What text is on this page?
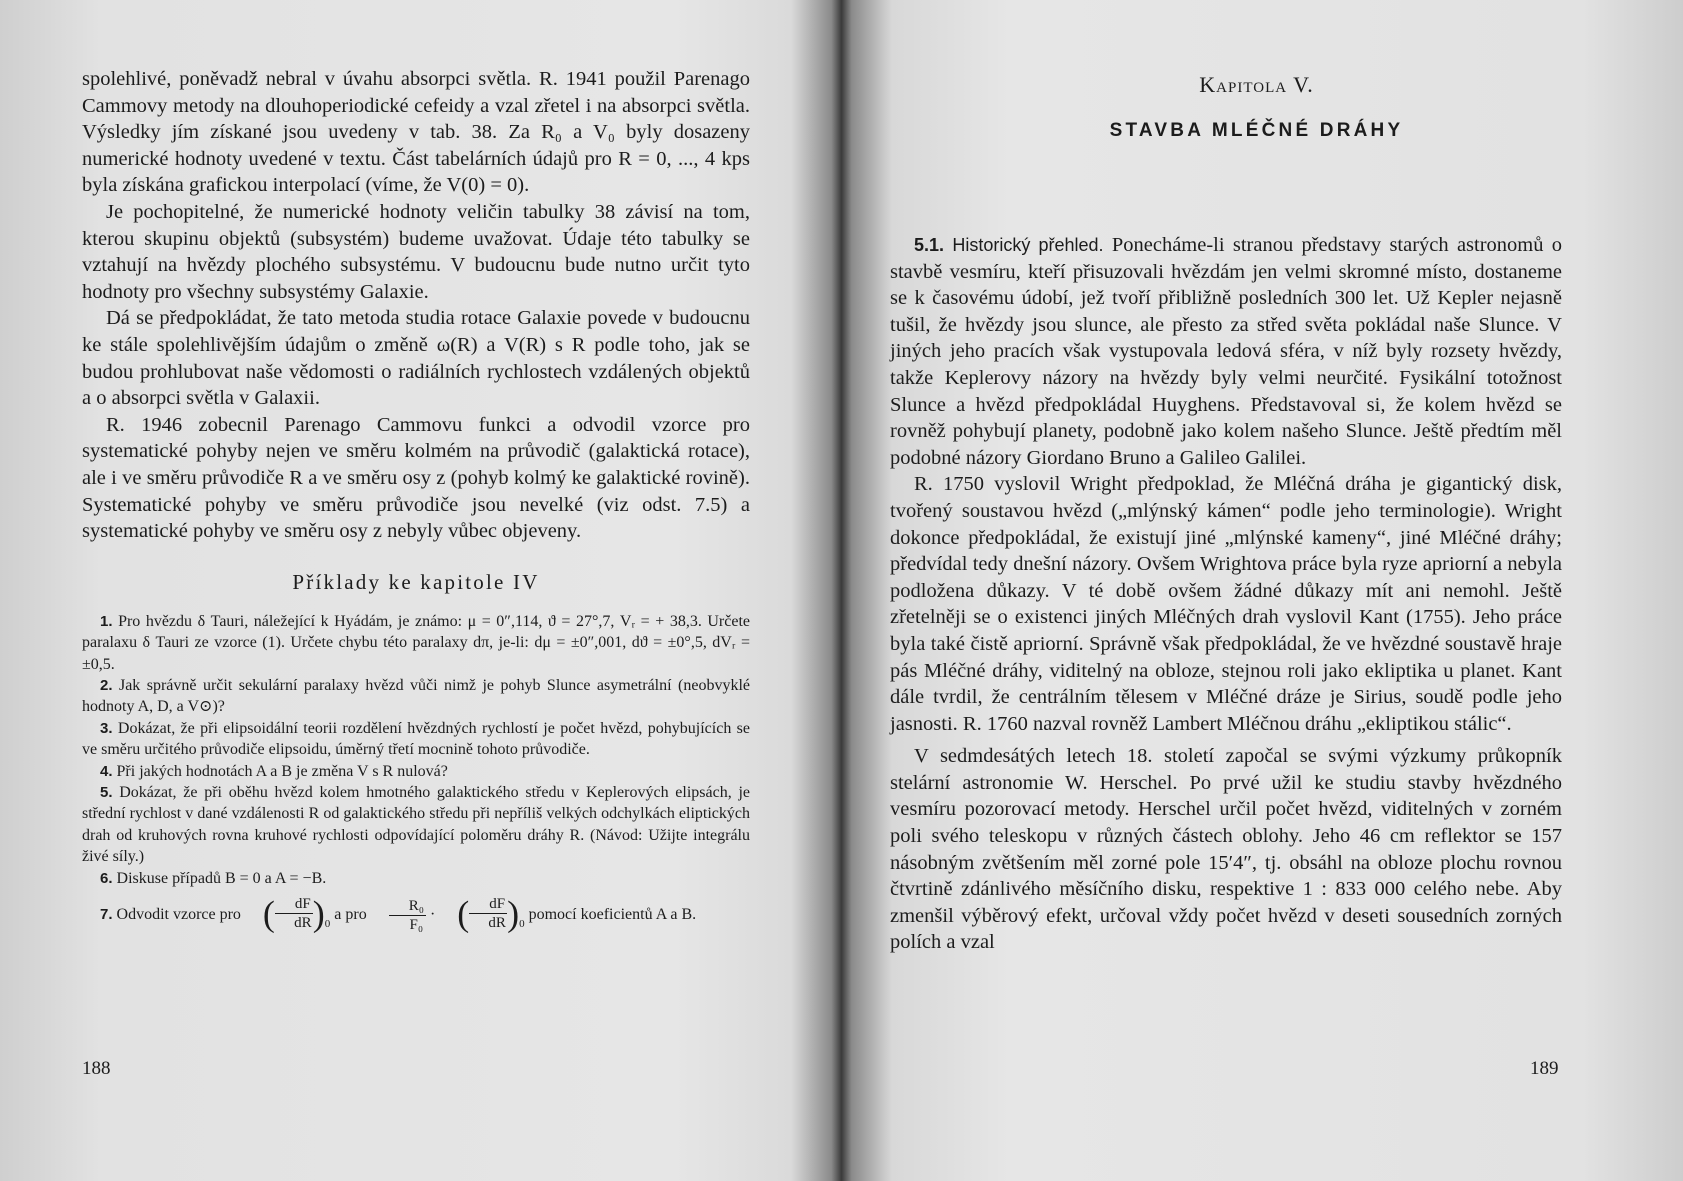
spolehlivé, poněvadž nebral v úvahu absorpci světla. R. 1941 použil Parenago Cammovy metody na dlouhoperiodické cefeidy a vzal zřetel i na absorpci světla. Výsledky jím získané jsou uvedeny v tab. 38. Za R₀ a V₀ byly dosazeny numerické hodnoty uvedené v textu. Část tabelárních údajů pro R = 0, ..., 4 kps byla získána grafickou interpolací (víme, že V(0) = 0).

Je pochopitelné, že numerické hodnoty veličin tabulky 38 závisí na tom, kterou skupinu objektů (subsystém) budeme uvažovat. Údaje této tabulky se vztahují na hvězdy plochého subsystému. V budoucnu bude nutno určit tyto hodnoty pro všechny subsystémy Galaxie.

Dá se předpokládat, že tato metoda studia rotace Galaxie povede v budoucnu ke stále spolehlivějším údajům o změně ω(R) a V(R) s R podle toho, jak se budou prohlubovat naše vědomosti o radiálních rychlostech vzdálených objektů a o absorpci světla v Galaxii.

R. 1946 zobecnil Parenago Cammovu funkci a odvodil vzorce pro systematické pohyby nejen ve směru kolmém na průvodič (galaktická rotace), ale i ve směru průvodiče R a ve směru osy z (pohyb kolmý ke galaktické rovině). Systematické pohyby ve směru průvodiče jsou nevelké (viz odst. 7.5) a systematické pohyby ve směru osy z nebyly vůbec objeveny.

Příklady ke kapitole IV

1. Pro hvězdu δ Tauri, náležející k Hyádám, je známo: μ = 0″,114, ϑ = 27°,7, Vᵣ = + 38,3. Určete paralaxu δ Tauri ze vzorce (1). Určete chybu této paralaxy dπ, je-li: dμ = ±0″,001, dϑ = ±0°,5, dVᵣ = ±0,5.

2. Jak správně určit sekulární paralaxy hvězd vůči nimž je pohyb Slunce asymetrální (neobvyklé hodnoty A, D, a V⊙)?

3. Dokázat, že při elipsoidální teorii rozdělení hvězdných rychlostí je počet hvězd, pohybujících se ve směru určitého průvodiče elipsoidu, úměrný třetí mocnině tohoto průvodiče.

4. Při jakých hodnotách A a B je změna V s R nulová?

5. Dokázat, že při oběhu hvězd kolem hmotného galaktického středu v Keplerových elipsách, je střední rychlost v dané vzdálenosti R od galaktického středu při nepříliš velkých odchylkách eliptických drah od kruhových rovna kruhové rychlosti odpovídající poloměru dráhy R. (Návod: Užijte integrálu živé síly.)

6. Diskuse případů B = 0 a A = −B.

7. Odvodit vzorce pro ( $\frac{dF}{dR} )_0$ a pro $\frac{\text{R₀}}{\text{F₀}}$ · ( $\frac{dF}{dR} )_0$ pomocí koeficientů A a B.

188
Kapitola V.
STAVBA MLÉČNÉ DRÁHY

5.1. Historický přehled. Ponecháme-li stranou představy starých astronomů o stavbě vesmíru, kteří přisuzovali hvězdám jen velmi skromné místo, dostaneme se k časovému údobí, jež tvoří přibližně posledních 300 let. Už Kepler nejasně tušil, že hvězdy jsou slunce, ale přesto za střed světa pokládal naše Slunce. V jiných jeho pracích však vystupovala ledová sféra, v níž byly rozsety hvězdy, takže Keplerovy názory na hvězdy byly velmi neurčité. Fysikální totožnost Slunce a hvězd předpokládal Huyghens. Představoval si, že kolem hvězd se rovněž pohybují planety, podobně jako kolem našeho Slunce. Ještě předtím měl podobné názory Giordano Bruno a Galileo Galilei.

R. 1750 vyslovil Wright předpoklad, že Mléčná dráha je gigantický disk, tvořený soustavou hvězd („mlýnský kámen“ podle jeho terminologie). Wright dokonce předpokládal, že existují jiné „mlýnské kameny“, jiné Mléčné dráhy; předvídal tedy dnešní názory. Ovšem Wrightova práce byla ryze apriorní a nebyla podložena důkazy. V té době ovšem žádné důkazy mít ani nemohl. Ještě zřetelněji se o existenci jiných Mléčných drah vyslovil Kant (1755). Jeho práce byla také čistě apriorní. Správně však předpokládal, že ve hvězdné soustavě hraje pás Mléčné dráhy, viditelný na obloze, stejnou roli jako ekliptika u planet. Kant dále tvrdil, že centrálním tělesem v Mléčné dráze je Sirius, soudě podle jeho jasnosti. R. 1760 nazval rovněž Lambert Mléčnou dráhu „ekliptikou stálic“.

V sedmdesátých letech 18. století započal se svými výzkumy průkopník stelární astronomie W. Herschel. Po prvé užil ke studiu stavby hvězdného vesmíru pozorovací metody. Herschel určil počet hvězd, viditelných v zorném poli svého teleskopu v různých částech oblohy. Jeho 46 cm reflektor se 157 násobným zvětšením měl zorné pole 15′4″, tj. obsáhl na obloze plochu rovnou čtvrtině zdánlivého měsíčního disku, respektive 1 : 833 000 celého nebe. Aby zmenšil výběrový efekt, určoval vždy počet hvězd v deseti sousedních zorných polích a vzal

189
